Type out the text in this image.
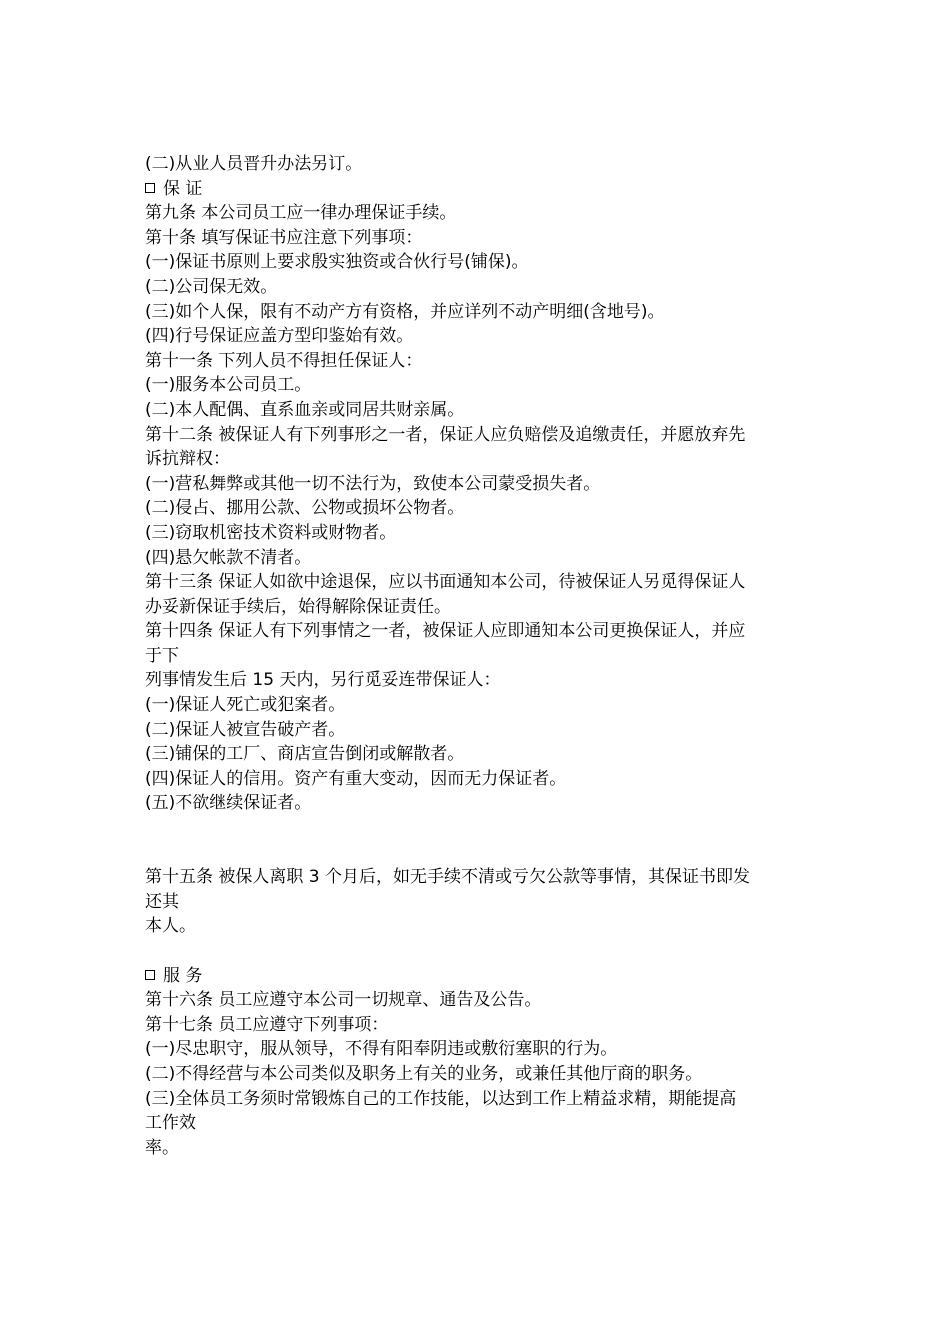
(二)从业人员晋升办法另订。
保 证
第九条 本公司员工应一律办理保证手续。
第十条 填写保证书应注意下列事项：
(一)保证书原则上要求殷实独资或合伙行号(铺保)。
(二)公司保无效。
(三)如个人保，限有不动产方有资格，并应详列不动产明细(含地号)。
(四)行号保证应盖方型印鉴始有效。
第十一条 下列人员不得担任保证人：
(一)服务本公司员工。
(二)本人配偶、直系血亲或同居共财亲属。
第十二条 被保证人有下列事形之一者，保证人应负赔偿及追缴责任，并愿放弃先
诉抗辩权：
(一)营私舞弊或其他一切不法行为，致使本公司蒙受损失者。
(二)侵占、挪用公款、公物或损坏公物者。
(三)窃取机密技术资料或财物者。
(四)悬欠帐款不清者。
第十三条 保证人如欲中途退保，应以书面通知本公司，待被保证人另觅得保证人
办妥新保证手续后，始得解除保证责任。
第十四条 保证人有下列事情之一者，被保证人应即通知本公司更换保证人，并应
于下
列事情发生后 15 天内，另行觅妥连带保证人：
(一)保证人死亡或犯案者。
(二)保证人被宣告破产者。
(三)铺保的工厂、商店宣告倒闭或解散者。
(四)保证人的信用。资产有重大变动，因而无力保证者。
(五)不欲继续保证者。
第十五条 被保人离职 3 个月后，如无手续不清或亏欠公款等事情，其保证书即发
还其
本人。
服 务
第十六条 员工应遵守本公司一切规章、通告及公告。
第十七条 员工应遵守下列事项：
(一)尽忠职守，服从领导，不得有阳奉阴违或敷衍塞职的行为。
(二)不得经营与本公司类似及职务上有关的业务，或兼任其他厅商的职务。
(三)全体员工务须时常锻炼自己的工作技能，以达到工作上精益求精，期能提高
工作效
率。
